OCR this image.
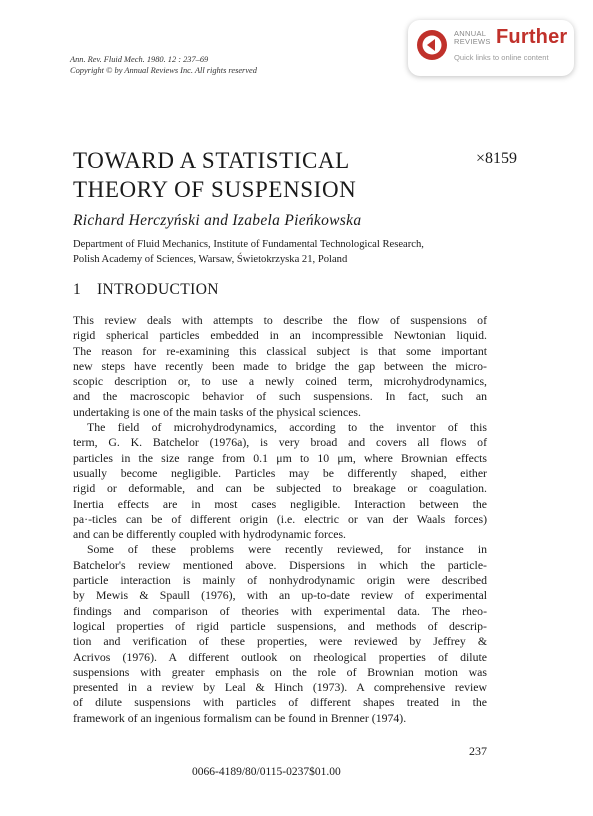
Ann. Rev. Fluid Mech. 1980. 12 : 237–69
Copyright © by Annual Reviews Inc. All rights reserved
ANNUAL
REVIEWS Further
Quick links to online content
TOWARD A STATISTICAL
THEORY OF SUSPENSION
×8159
Richard Herczyński and Izabela Pieńkowska
Department of Fluid Mechanics, Institute of Fundamental Technological Research,
Polish Academy of Sciences, Warsaw, Świetokrzyska 21, Poland
1 INTRODUCTION
This review deals with attempts to describe the flow of suspensions of
rigid spherical particles embedded in an incompressible Newtonian liquid.
The reason for re-examining this classical subject is that some important
new steps have recently been made to bridge the gap between the micro-
scopic description or, to use a newly coined term, microhydrodynamics,
and the macroscopic behavior of such suspensions. In fact, such an
undertaking is one of the main tasks of the physical sciences.
The field of microhydrodynamics, according to the inventor of this
term, G. K. Batchelor (1976a), is very broad and covers all flows of
particles in the size range from 0.1 μm to 10 μm, where Brownian effects
usually become negligible. Particles may be differently shaped, either
rigid or deformable, and can be subjected to breakage or coagulation.
Inertia effects are in most cases negligible. Interaction between the
pa·-ticles can be of different origin (i.e. electric or van der Waals forces)
and can be differently coupled with hydrodynamic forces.
Some of these problems were recently reviewed, for instance in
Batchelor's review mentioned above. Dispersions in which the particle-
particle interaction is mainly of nonhydrodynamic origin were described
by Mewis & Spaull (1976), with an up-to-date review of experimental
findings and comparison of theories with experimental data. The rheo-
logical properties of rigid particle suspensions, and methods of descrip-
tion and verification of these properties, were reviewed by Jeffrey &
Acrivos (1976). A different outlook on rheological properties of dilute
suspensions with greater emphasis on the role of Brownian motion was
presented in a review by Leal & Hinch (1973). A comprehensive review
of dilute suspensions with particles of different shapes treated in the
framework of an ingenious formalism can be found in Brenner (1974).
237
0066-4189/80/0115-0237$01.00
